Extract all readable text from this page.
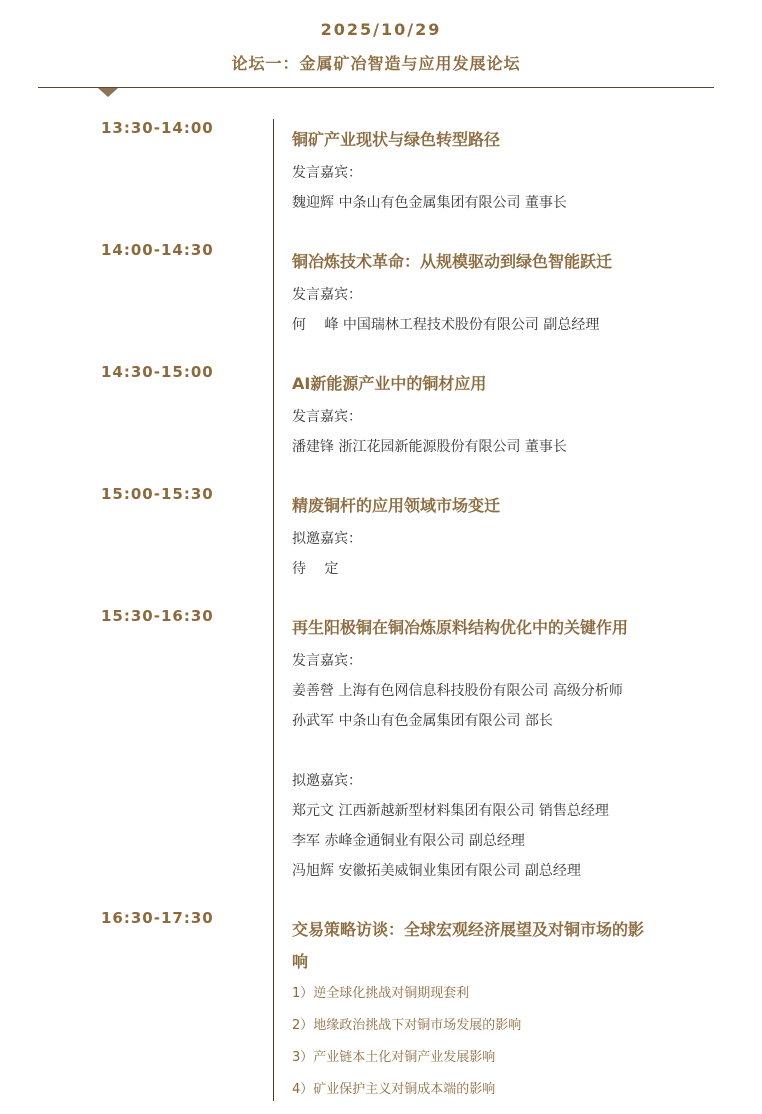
2025/10/29
论坛一：金属矿冶智造与应用发展论坛
13:30-14:00
铜矿产业现状与绿色转型路径
发言嘉宾：
魏迎辉 中条山有色金属集团有限公司 董事长
14:00-14:30
铜冶炼技术革命：从规模驱动到绿色智能跃迁
发言嘉宾：
何　 峰 中国瑞林工程技术股份有限公司 副总经理
14:30-15:00
AI新能源产业中的铜材应用
发言嘉宾：
潘建锋 浙江花园新能源股份有限公司 董事长
15:00-15:30
精废铜杆的应用领域市场变迁
拟邀嘉宾：
待　 定
15:30-16:30
再生阳极铜在铜冶炼原料结构优化中的关键作用
发言嘉宾：
姜善營 上海有色网信息科技股份有限公司 高级分析师
孙武军 中条山有色金属集团有限公司 部长
拟邀嘉宾：
郑元文 江西新越新型材料集团有限公司 销售总经理
李军 赤峰金通铜业有限公司 副总经理
冯旭辉 安徽拓美威铜业集团有限公司 副总经理
16:30-17:30
交易策略访谈：全球宏观经济展望及对铜市场的影
响
1）逆全球化挑战对铜期现套利
2）地缘政治挑战下对铜市场发展的影响
3）产业链本土化对铜产业发展影响
4）矿业保护主义对铜成本端的影响
